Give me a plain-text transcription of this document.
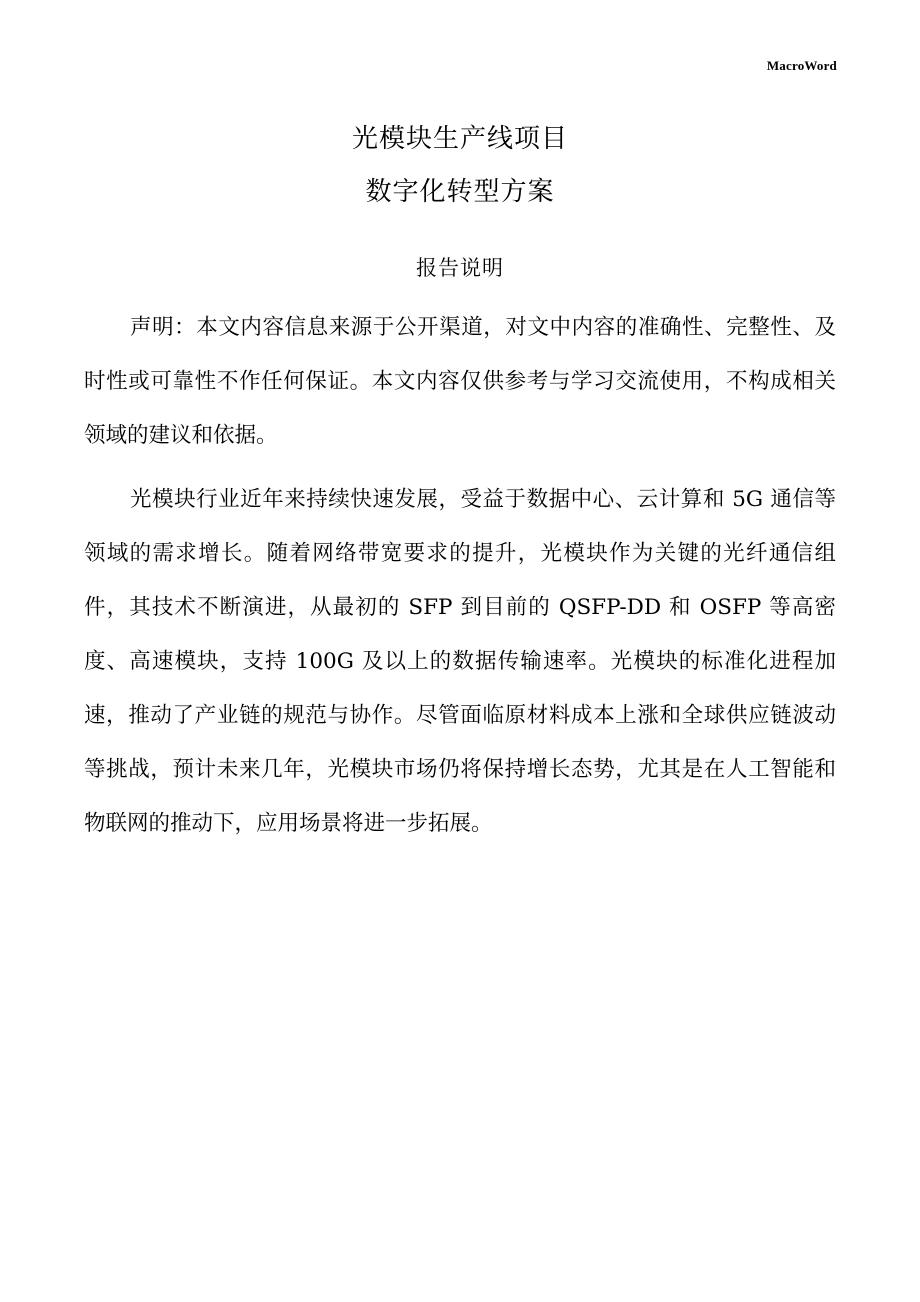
MacroWord
光模块生产线项目
数字化转型方案
报告说明

声明：本文内容信息来源于公开渠道，对文中内容的准确性、完整性、及时性或可靠性不作任何保证。本文内容仅供参考与学习交流使用，不构成相关领域的建议和依据。

光模块行业近年来持续快速发展，受益于数据中心、云计算和 5G 通信等领域的需求增长。随着网络带宽要求的提升，光模块作为关键的光纤通信组件，其技术不断演进，从最初的 SFP 到目前的 QSFP-DD 和 OSFP 等高密度、高速模块，支持 100G 及以上的数据传输速率。光模块的标准化进程加速，推动了产业链的规范与协作。尽管面临原材料成本上涨和全球供应链波动等挑战，预计未来几年，光模块市场仍将保持增长态势，尤其是在人工智能和物联网的推动下，应用场景将进一步拓展。
